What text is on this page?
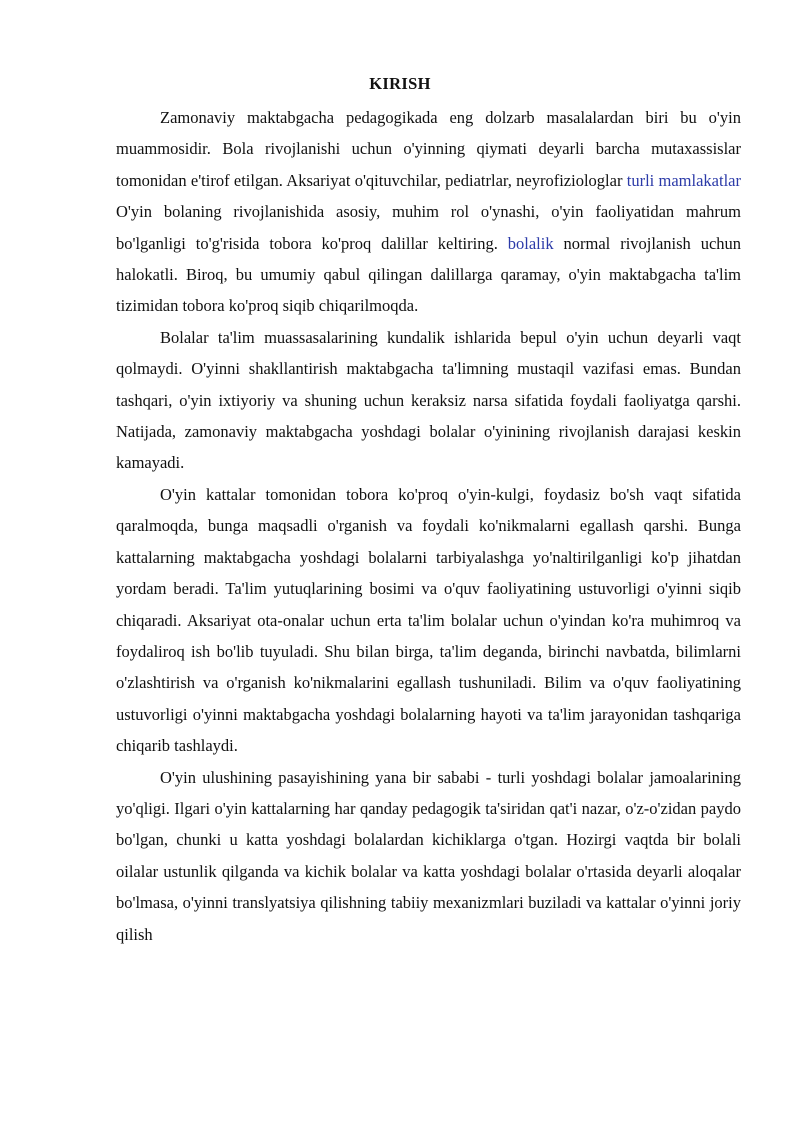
KIRISH

Zamonaviy maktabgacha pedagogikada eng dolzarb masalalardan biri bu o'yin muammosidir. Bola rivojlanishi uchun o'yinning qiymati deyarli barcha mutaxassislar tomonidan e'tirof etilgan. Aksariyat o'qituvchilar, pediatrlar, neyrofiziologlar turli mamlakatlar O'yin bolaning rivojlanishida asosiy, muhim rol o'ynashi, o'yin faoliyatidan mahrum bo'lganligi to'g'risida tobora ko'proq dalillar keltiring. bolalik normal rivojlanish uchun halokatli. Biroq, bu umumiy qabul qilingan dalillarga qaramay, o'yin maktabgacha ta'lim tizimidan tobora ko'proq siqib chiqarilmoqda.

Bolalar ta'lim muassasalarining kundalik ishlarida bepul o'yin uchun deyarli vaqt qolmaydi. O'yinni shakllantirish maktabgacha ta'limning mustaqil vazifasi emas. Bundan tashqari, o'yin ixtiyoriy va shuning uchun keraksiz narsa sifatida foydali faoliyatga qarshi. Natijada, zamonaviy maktabgacha yoshdagi bolalar o'yinining rivojlanish darajasi keskin kamayadi.

O'yin kattalar tomonidan tobora ko'proq o'yin-kulgi, foydasiz bo'sh vaqt sifatida qaralmoqda, bunga maqsadli o'rganish va foydali ko'nikmalarni egallash qarshi. Bunga kattalarning maktabgacha yoshdagi bolalarni tarbiyalashga yo'naltirilganligi ko'p jihatdan yordam beradi. Ta'lim yutuqlarining bosimi va o'quv faoliyatining ustuvorligi o'yinni siqib chiqaradi. Aksariyat ota-onalar uchun erta ta'lim bolalar uchun o'yindan ko'ra muhimroq va foydaliroq ish bo'lib tuyuladi. Shu bilan birga, ta'lim deganda, birinchi navbatda, bilimlarni o'zlashtirish va o'rganish ko'nikmalarini egallash tushuniladi. Bilim va o'quv faoliyatining ustuvorligi o'yinni maktabgacha yoshdagi bolalarning hayoti va ta'lim jarayonidan tashqariga chiqarib tashlaydi.

O'yin ulushining pasayishining yana bir sababi - turli yoshdagi bolalar jamoalarining yo'qligi. Ilgari o'yin kattalarning har qanday pedagogik ta'siridan qat'i nazar, o'z-o'zidan paydo bo'lgan, chunki u katta yoshdagi bolalardan kichiklarga o'tgan. Hozirgi vaqtda bir bolali oilalar ustunlik qilganda va kichik bolalar va katta yoshdagi bolalar o'rtasida deyarli aloqalar bo'lmasa, o'yinni translyatsiya qilishning tabiiy mexanizmlari buziladi va kattalar o'yinni joriy qilish
